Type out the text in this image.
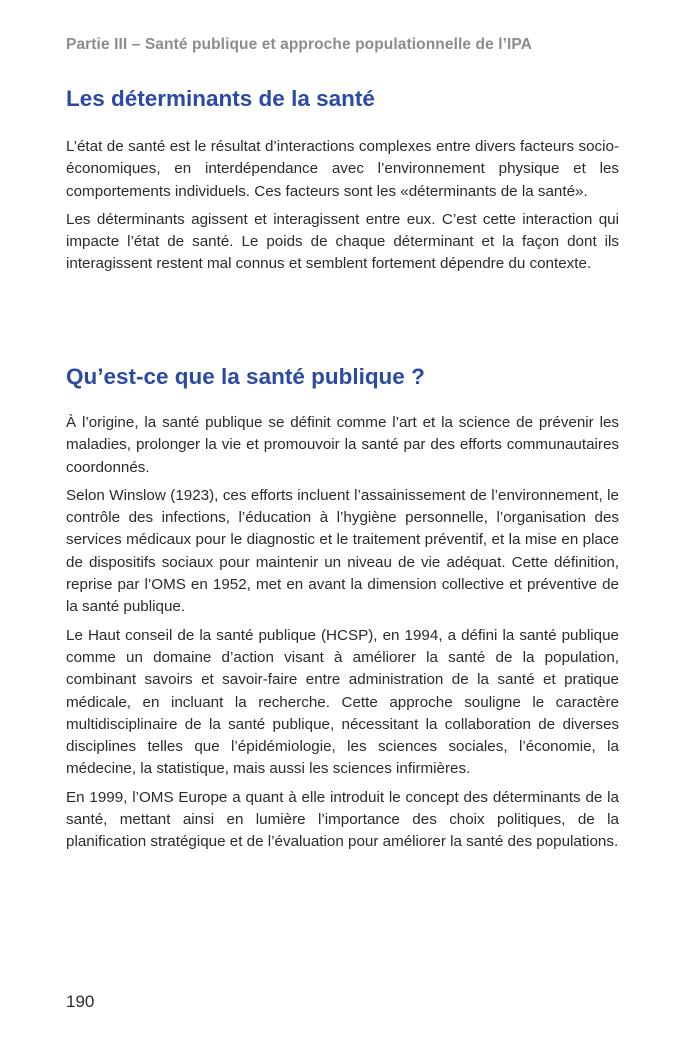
Partie III – Santé publique et approche populationnelle de l’IPA
Les déterminants de la santé

L’état de santé est le résultat d’interactions complexes entre divers facteurs socio-économiques, en interdépendance avec l’environnement physique et les comportements individuels. Ces facteurs sont les «déterminants de la santé».

Les déterminants agissent et interagissent entre eux. C’est cette interaction qui impacte l’état de santé. Le poids de chaque déterminant et la façon dont ils interagissent restent mal connus et semblent fortement dépendre du contexte.

Qu’est-ce que la santé publique ?

À l’origine, la santé publique se définit comme l’art et la science de prévenir les maladies, prolonger la vie et promouvoir la santé par des efforts communautaires coordonnés.

Selon Winslow (1923), ces efforts incluent l’assainissement de l’environnement, le contrôle des infections, l’éducation à l’hygiène personnelle, l’organisation des services médicaux pour le diagnostic et le traitement préventif, et la mise en place de dispositifs sociaux pour maintenir un niveau de vie adéquat. Cette définition, reprise par l’OMS en 1952, met en avant la dimension collective et préventive de la santé publique.

Le Haut conseil de la santé publique (HCSP), en 1994, a défini la santé publique comme un domaine d’action visant à améliorer la santé de la population, combinant savoirs et savoir-faire entre administration de la santé et pratique médicale, en incluant la recherche. Cette approche souligne le caractère multidisciplinaire de la santé publique, nécessitant la collaboration de diverses disciplines telles que l’épidémiologie, les sciences sociales, l’économie, la médecine, la statistique, mais aussi les sciences infirmières.

En 1999, l’OMS Europe a quant à elle introduit le concept des déterminants de la santé, mettant ainsi en lumière l’importance des choix politiques, de la planification stratégique et de l’évaluation pour améliorer la santé des populations.

190
